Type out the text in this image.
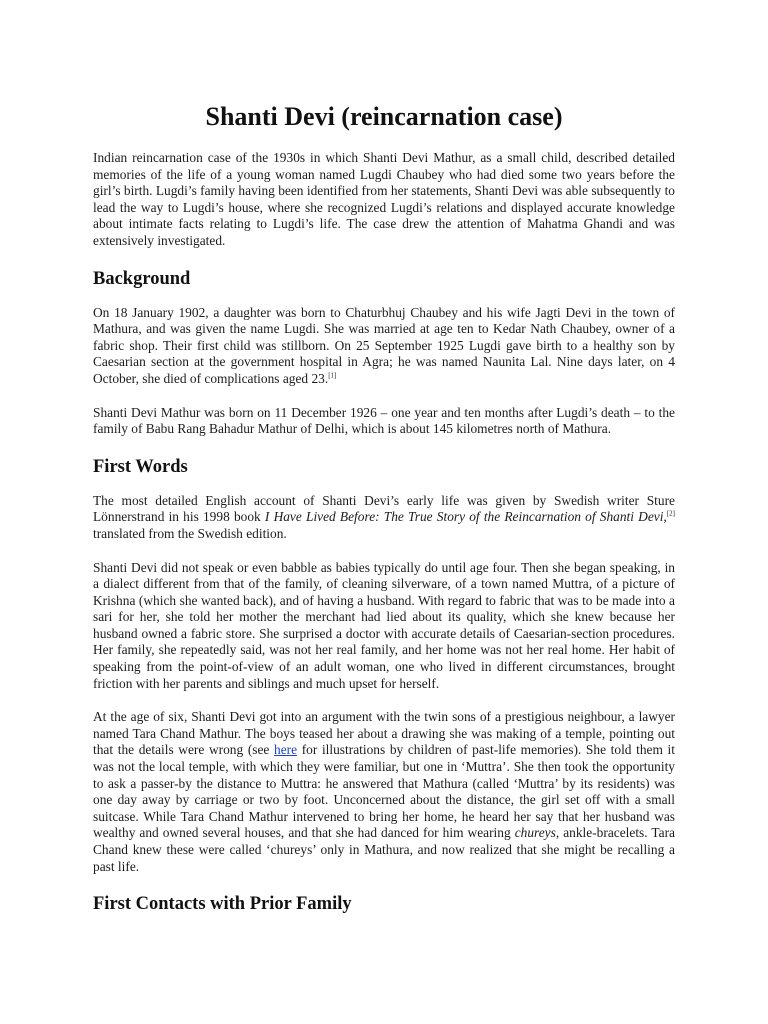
Shanti Devi (reincarnation case)

Indian reincarnation case of the 1930s in which Shanti Devi Mathur, as a small child, described detailed memories of the life of a young woman named Lugdi Chaubey who had died some two years before the girl’s birth. Lugdi’s family having been identified from her statements, Shanti Devi was able subsequently to lead the way to Lugdi’s house, where she recognized Lugdi’s relations and displayed accurate knowledge about intimate facts relating to Lugdi’s life. The case drew the attention of Mahatma Ghandi and was extensively investigated.

Background

On 18 January 1902, a daughter was born to Chaturbhuj Chaubey and his wife Jagti Devi in the town of Mathura, and was given the name Lugdi. She was married at age ten to Kedar Nath Chaubey, owner of a fabric shop. Their first child was stillborn. On 25 September 1925 Lugdi gave birth to a healthy son by Caesarian section at the government hospital in Agra; he was named Naunita Lal. Nine days later, on 4 October, she died of complications aged 23.[1]

Shanti Devi Mathur was born on 11 December 1926 – one year and ten months after Lugdi’s death – to the family of Babu Rang Bahadur Mathur of Delhi, which is about 145 kilometres north of Mathura.

First Words

The most detailed English account of Shanti Devi’s early life was given by Swedish writer Sture Lönnerstrand in his 1998 book I Have Lived Before: The True Story of the Reincarnation of Shanti Devi,[2] translated from the Swedish edition.

Shanti Devi did not speak or even babble as babies typically do until age four. Then she began speaking, in a dialect different from that of the family, of cleaning silverware, of a town named Muttra, of a picture of Krishna (which she wanted back), and of having a husband. With regard to fabric that was to be made into a sari for her, she told her mother the merchant had lied about its quality, which she knew because her husband owned a fabric store. She surprised a doctor with accurate details of Caesarian-section procedures. Her family, she repeatedly said, was not her real family, and her home was not her real home. Her habit of speaking from the point-of-view of an adult woman, one who lived in different circumstances, brought friction with her parents and siblings and much upset for herself.

At the age of six, Shanti Devi got into an argument with the twin sons of a prestigious neighbour, a lawyer named Tara Chand Mathur. The boys teased her about a drawing she was making of a temple, pointing out that the details were wrong (see here for illustrations by children of past-life memories). She told them it was not the local temple, with which they were familiar, but one in ‘Muttra’. She then took the opportunity to ask a passer-by the distance to Muttra: he answered that Mathura (called ‘Muttra’ by its residents) was one day away by carriage or two by foot. Unconcerned about the distance, the girl set off with a small suitcase. While Tara Chand Mathur intervened to bring her home, he heard her say that her husband was wealthy and owned several houses, and that she had danced for him wearing chureys, ankle-bracelets. Tara Chand knew these were called ‘chureys’ only in Mathura, and now realized that she might be recalling a past life.

First Contacts with Prior Family
